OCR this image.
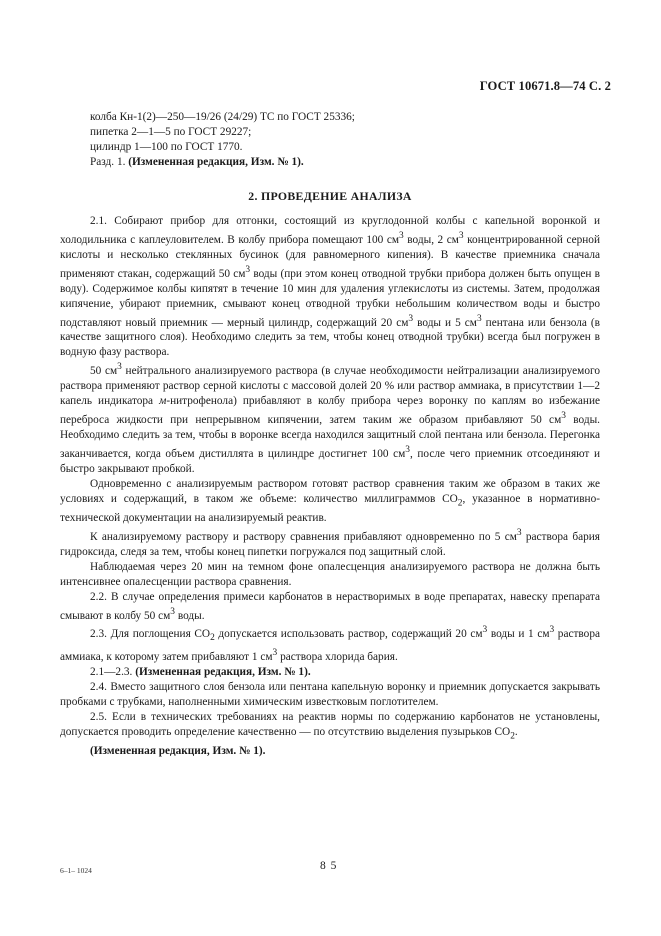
ГОСТ 10671.8—74 С. 2

колба Кн-1(2)—250—19/26 (24/29) ТС по ГОСТ 25336;

пипетка 2—1—5 по ГОСТ 29227;

цилиндр 1—100 по ГОСТ 1770.

Разд. 1. (Измененная редакция, Изм. № 1).

2. ПРОВЕДЕНИЕ АНАЛИЗА

2.1. Собирают прибор для отгонки, состоящий из круглодонной колбы с капельной воронкой и холодильника с каплеуловителем. В колбу прибора помещают 100 $см^3$ воды, 2 $см^3$ концентрированной серной кислоты и несколько стеклянных бусинок (для равномерного кипения). В качестве приемника сначала применяют стакан, содержащий 50 $см^3$ воды (при этом конец отводной трубки прибора должен быть опущен в воду). Содержимое колбы кипятят в течение 10 мин для удаления углекислоты из системы. Затем, продолжая кипячение, убирают приемник, смывают конец отводной трубки небольшим количеством воды и быстро подставляют новый приемник — мерный цилиндр, содержащий 20 $см^3$ воды и 5 $см^3$ пентана или бензола (в качестве защитного слоя). Необходимо следить за тем, чтобы конец отводной трубки) всегда был погружен в водную фазу раствора.

50 $см^3$ нейтрального анализируемого раствора (в случае необходимости нейтрализации анализируемого раствора применяют раствор серной кислоты с массовой долей 20 % или раствор аммиака, в присутствии 1—2 капель индикатора м-нитрофенола) прибавляют в колбу прибора через воронку по каплям во избежание переброса жидкости при непрерывном кипячении, затем таким же образом прибавляют 50 $см^3$ воды. Необходимо следить за тем, чтобы в воронке всегда находился защитный слой пентана или бензола. Перегонка заканчивается, когда объем дистиллята в цилиндре достигнет 100 $см^3$, после чего приемник отсоединяют и быстро закрывают пробкой.

Одновременно с анализируемым раствором готовят раствор сравнения таким же образом в таких же условиях и содержащий, в таком же объеме: количество миллиграммов $CO_2$, указанное в нормативно-технической документации на анализируемый реактив.

К анализируемому раствору и раствору сравнения прибавляют одновременно по 5 $см^3$ раствора бария гидроксида, следя за тем, чтобы конец пипетки погружался под защитный слой.

Наблюдаемая через 20 мин на темном фоне опалесценция анализируемого раствора не должна быть интенсивнее опалесценции раствора сравнения.

2.2. В случае определения примеси карбонатов в нерастворимых в воде препаратах, навеску препарата смывают в колбу 50 $см^3$ воды.

2.3. Для поглощения $CO_2$ допускается использовать раствор, содержащий 20 $см^3$ воды и 1 $см^3$ раствора аммиака, к которому затем прибавляют 1 $см^3$ раствора хлорида бария.

2.1—2.3. (Измененная редакция, Изм. № 1).

2.4. Вместо защитного слоя бензола или пентана капельную воронку и приемник допускается закрывать пробками с трубками, наполненными химическим известковым поглотителем.

2.5. Если в технических требованиях на реактив нормы по содержанию карбонатов не установлены, допускается проводить определение качественно — по отсутствию выделения пузырьков $CO_2$.

(Измененная редакция, Изм. № 1).

6–1– 1024	8 5
